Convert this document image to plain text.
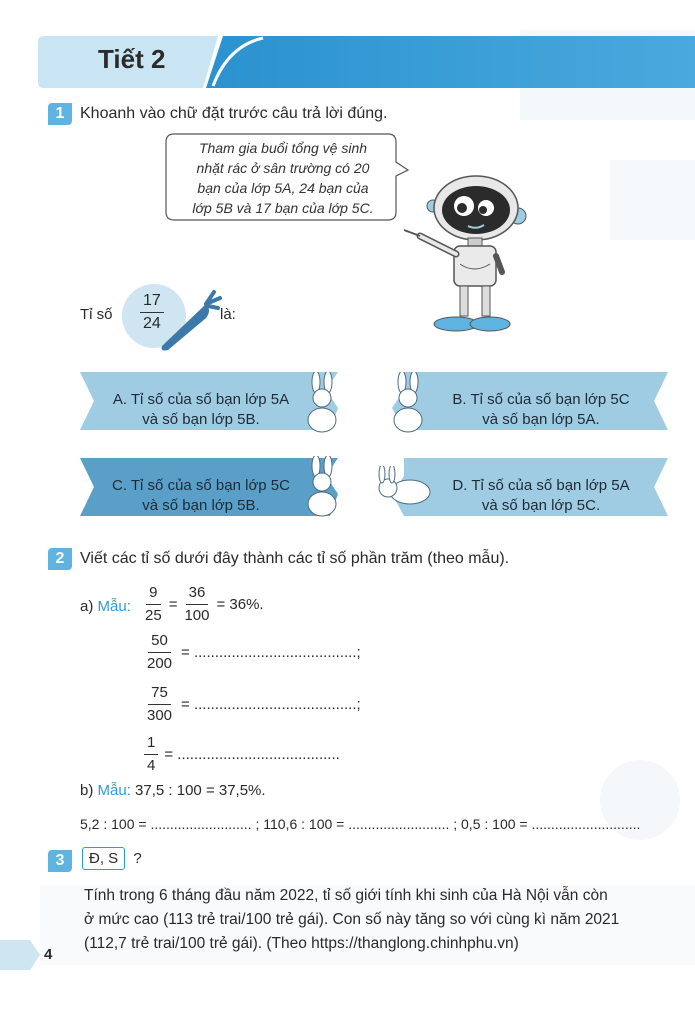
Tiết 2
1 Khoanh vào chữ đặt trước câu trả lời đúng.
Tham gia buổi tổng vệ sinh
nhặt rác ở sân trường có 20
bạn của lớp 5A, 24 bạn của
lớp 5B và 17 bạn của lớp 5C.
Tỉ số $\frac{17}{24}$	là:
A. Tỉ số của số bạn lớp 5A
và số bạn lớp 5B.
B. Tỉ số của số bạn lớp 5C
và số bạn lớp 5A.
C. Tỉ số của số bạn lớp 5C
và số bạn lớp 5B.
D. Tỉ số của số bạn lớp 5A
và số bạn lớp 5C.
2 Viết các tỉ số dưới đây thành các tỉ số phần trăm (theo mẫu).
a) Mẫu: $\frac{9}{25} = \frac{36}{100} = 36\%$.
$\frac{50}{200}$ = .......................................;
$\frac{75}{300}$ = .......................................;
$\frac{1}{4}$ = .......................................
b) Mẫu: 37,5 : 100 = 37,5%.
5,2 : 100 = .......................... ; 110,6 : 100 = .......................... ; 0,5 : 100 = ............................
3	Đ, S ?
Tính trong 6 tháng đầu năm 2022, tỉ số giới tính khi sinh của Hà Nội vẫn còn
ở mức cao (113 trẻ trai/100 trẻ gái). Con số này tăng so với cùng kì năm 2021
(112,7 trẻ trai/100 trẻ gái). (Theo https://thanglong.chinhphu.vn)
4
